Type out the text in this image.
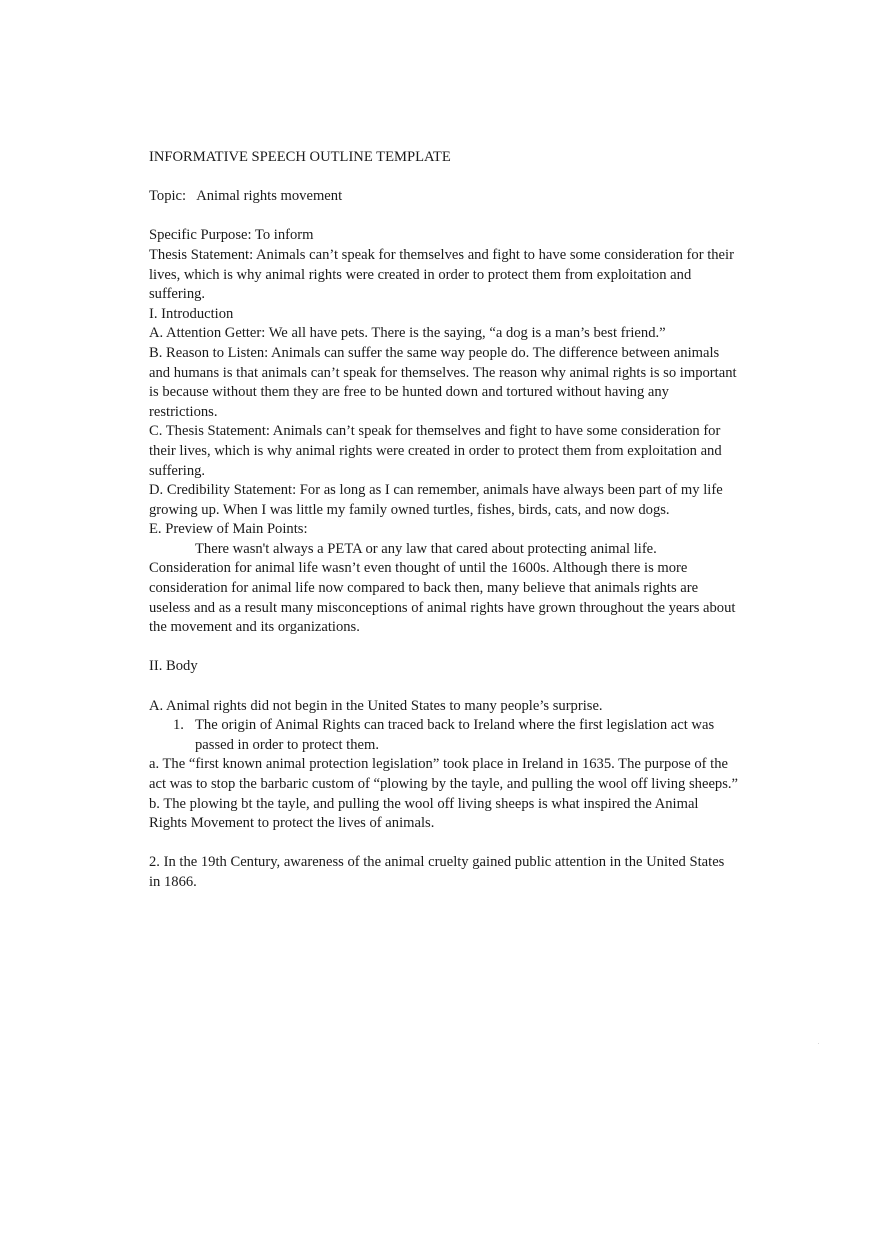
INFORMATIVE SPEECH OUTLINE TEMPLATE

Topic:   Animal rights movement

Specific Purpose: To inform

Thesis Statement: Animals can’t speak for themselves and fight to have some consideration for their lives, which is why animal rights were created in order to protect them from exploitation and suffering.

I. Introduction

A. Attention Getter: We all have pets. There is the saying, “a dog is a man’s best friend.”

B. Reason to Listen: Animals can suffer the same way people do. The difference between animals and humans is that animals can’t speak for themselves. The reason why animal rights is so important is because without them they are free to be hunted down and tortured without having any restrictions.

C. Thesis Statement: Animals can’t speak for themselves and fight to have some consideration for their lives, which is why animal rights were created in order to protect them from exploitation and suffering.

D. Credibility Statement: For as long as I can remember, animals have always been part of my life growing up. When I was little my family owned turtles, fishes, birds, cats, and now dogs.

E. Preview of Main Points:

There wasn't always a PETA or any law that cared about protecting animal life. Consideration for animal life wasn’t even thought of until the 1600s. Although there is more consideration for animal life now compared to back then, many believe that animals rights are useless and as a result many misconceptions of animal rights have grown throughout the years about the movement and its organizations.

II. Body

A. Animal rights did not begin in the United States to many people’s surprise.

1. The origin of Animal Rights can traced back to Ireland where the first legislation act was passed in order to protect them.

a. The “first known animal protection legislation” took place in Ireland in 1635. The purpose of the act was to stop the barbaric custom of “plowing by the tayle, and pulling the wool off living sheeps.”

b. The plowing bt the tayle, and pulling the wool off living sheeps is what inspired the Animal Rights Movement to protect the lives of animals.

2. In the 19th Century, awareness of the animal cruelty gained public attention in the United States in 1866.
